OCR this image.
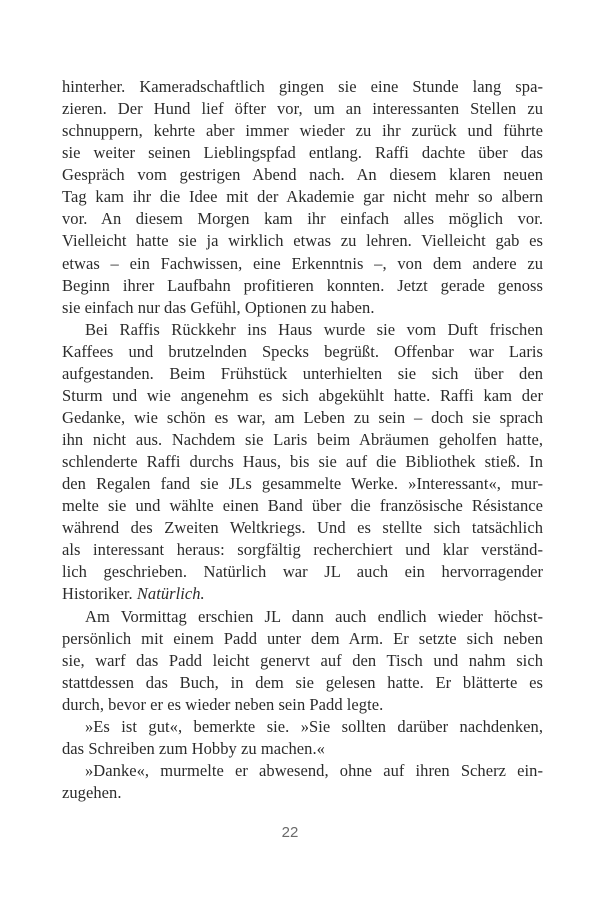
hinterher. Kameradschaftlich gingen sie eine Stunde lang spa-
zieren. Der Hund lief öfter vor, um an interessanten Stellen zu
schnuppern, kehrte aber immer wieder zu ihr zurück und führte
sie weiter seinen Lieblingspfad entlang. Raffi dachte über das
Gespräch vom gestrigen Abend nach. An diesem klaren neuen
Tag kam ihr die Idee mit der Akademie gar nicht mehr so albern
vor. An diesem Morgen kam ihr einfach alles möglich vor.
Vielleicht hatte sie ja wirklich etwas zu lehren. Vielleicht gab es
etwas – ein Fachwissen, eine Erkenntnis –, von dem andere zu
Beginn ihrer Laufbahn profitieren konnten. Jetzt gerade genoss
sie einfach nur das Gefühl, Optionen zu haben.
Bei Raffis Rückkehr ins Haus wurde sie vom Duft frischen
Kaffees und brutzelnden Specks begrüßt. Offenbar war Laris
aufgestanden. Beim Frühstück unterhielten sie sich über den
Sturm und wie angenehm es sich abgekühlt hatte. Raffi kam der
Gedanke, wie schön es war, am Leben zu sein – doch sie sprach
ihn nicht aus. Nachdem sie Laris beim Abräumen geholfen hatte,
schlenderte Raffi durchs Haus, bis sie auf die Bibliothek stieß. In
den Regalen fand sie JLs gesammelte Werke. »Interessant«, mur-
melte sie und wählte einen Band über die französische Résistance
während des Zweiten Weltkriegs. Und es stellte sich tatsächlich
als interessant heraus: sorgfältig recherchiert und klar verständ-
lich geschrieben. Natürlich war JL auch ein hervorragender
Historiker. Natürlich.
Am Vormittag erschien JL dann auch endlich wieder höchst-
persönlich mit einem Padd unter dem Arm. Er setzte sich neben
sie, warf das Padd leicht genervt auf den Tisch und nahm sich
stattdessen das Buch, in dem sie gelesen hatte. Er blätterte es
durch, bevor er es wieder neben sein Padd legte.
»Es ist gut«, bemerkte sie. »Sie sollten darüber nachdenken,
das Schreiben zum Hobby zu machen.«
»Danke«, murmelte er abwesend, ohne auf ihren Scherz ein-
zugehen.
22
